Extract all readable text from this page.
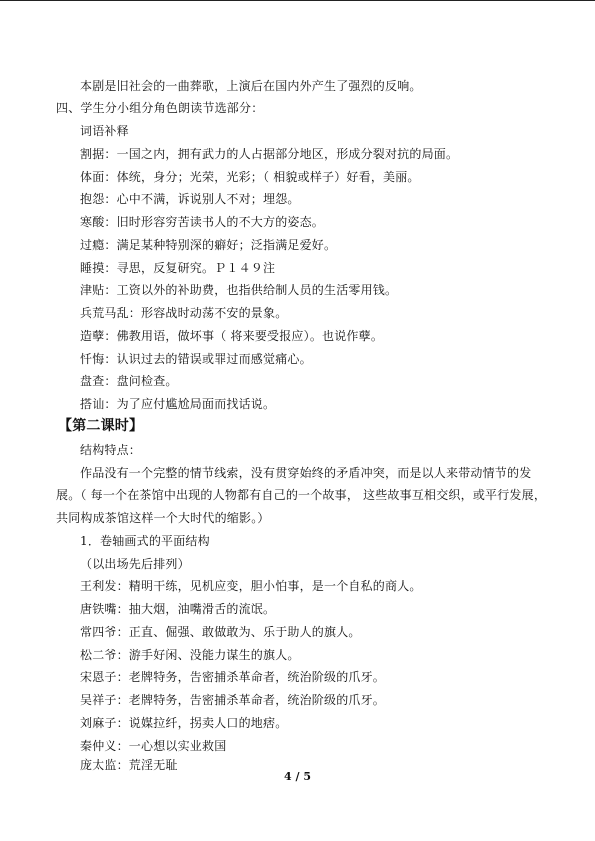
本剧是旧社会的一曲葬歌，上演后在国内外产生了强烈的反响。
四、学生分小组分角色朗读节选部分：
词语补释
割据：一国之内，拥有武力的人占据部分地区，形成分裂对抗的局面。
体面：体统，身分；光荣，光彩；（ 相貌或样子）好看，美丽。
抱怨：心中不满，诉说别人不对；埋怨。
寒酸：旧时形容穷苦读书人的不大方的姿态。
过瘾：满足某种特别深的癖好；泛指满足爱好。
睡摸：寻思，反复研究。Ｐ１４９注
津贴：工资以外的补助费，也指供给制人员的生活零用钱。
兵荒马乱：形容战时动荡不安的景象。
造孽：佛教用语，做坏事（ 将来要受报应）。也说作孽。
忏悔：认识过去的错误或罪过而感觉痛心。
盘查：盘问检查。
搭讪：为了应付尴尬局面而找话说。
【第二课时】
结构特点：
作品没有一个完整的情节线索，没有贯穿始终的矛盾冲突，而是以人来带动情节的发
展。（ 每一个在茶馆中出现的人物都有自己的一个故事， 这些故事互相交织，或平行发展，
共同构成茶馆这样一个大时代的缩影。）
1．卷轴画式的平面结构
（以出场先后排列）
王利发：精明干练，见机应变，胆小怕事，是一个自私的商人。
唐铁嘴：抽大烟，油嘴滑舌的流氓。
常四爷：正直、倔强、敢做敢为、乐于助人的旗人。
松二爷：游手好闲、没能力谋生的旗人。
宋恩子：老牌特务，告密捕杀革命者，统治阶级的爪牙。
吴祥子：老牌特务，告密捕杀革命者，统治阶级的爪牙。
刘麻子：说媒拉纤，拐卖人口的地痞。
秦仲义：一心想以实业救国
庞太监：荒淫无耻
4 / 5
